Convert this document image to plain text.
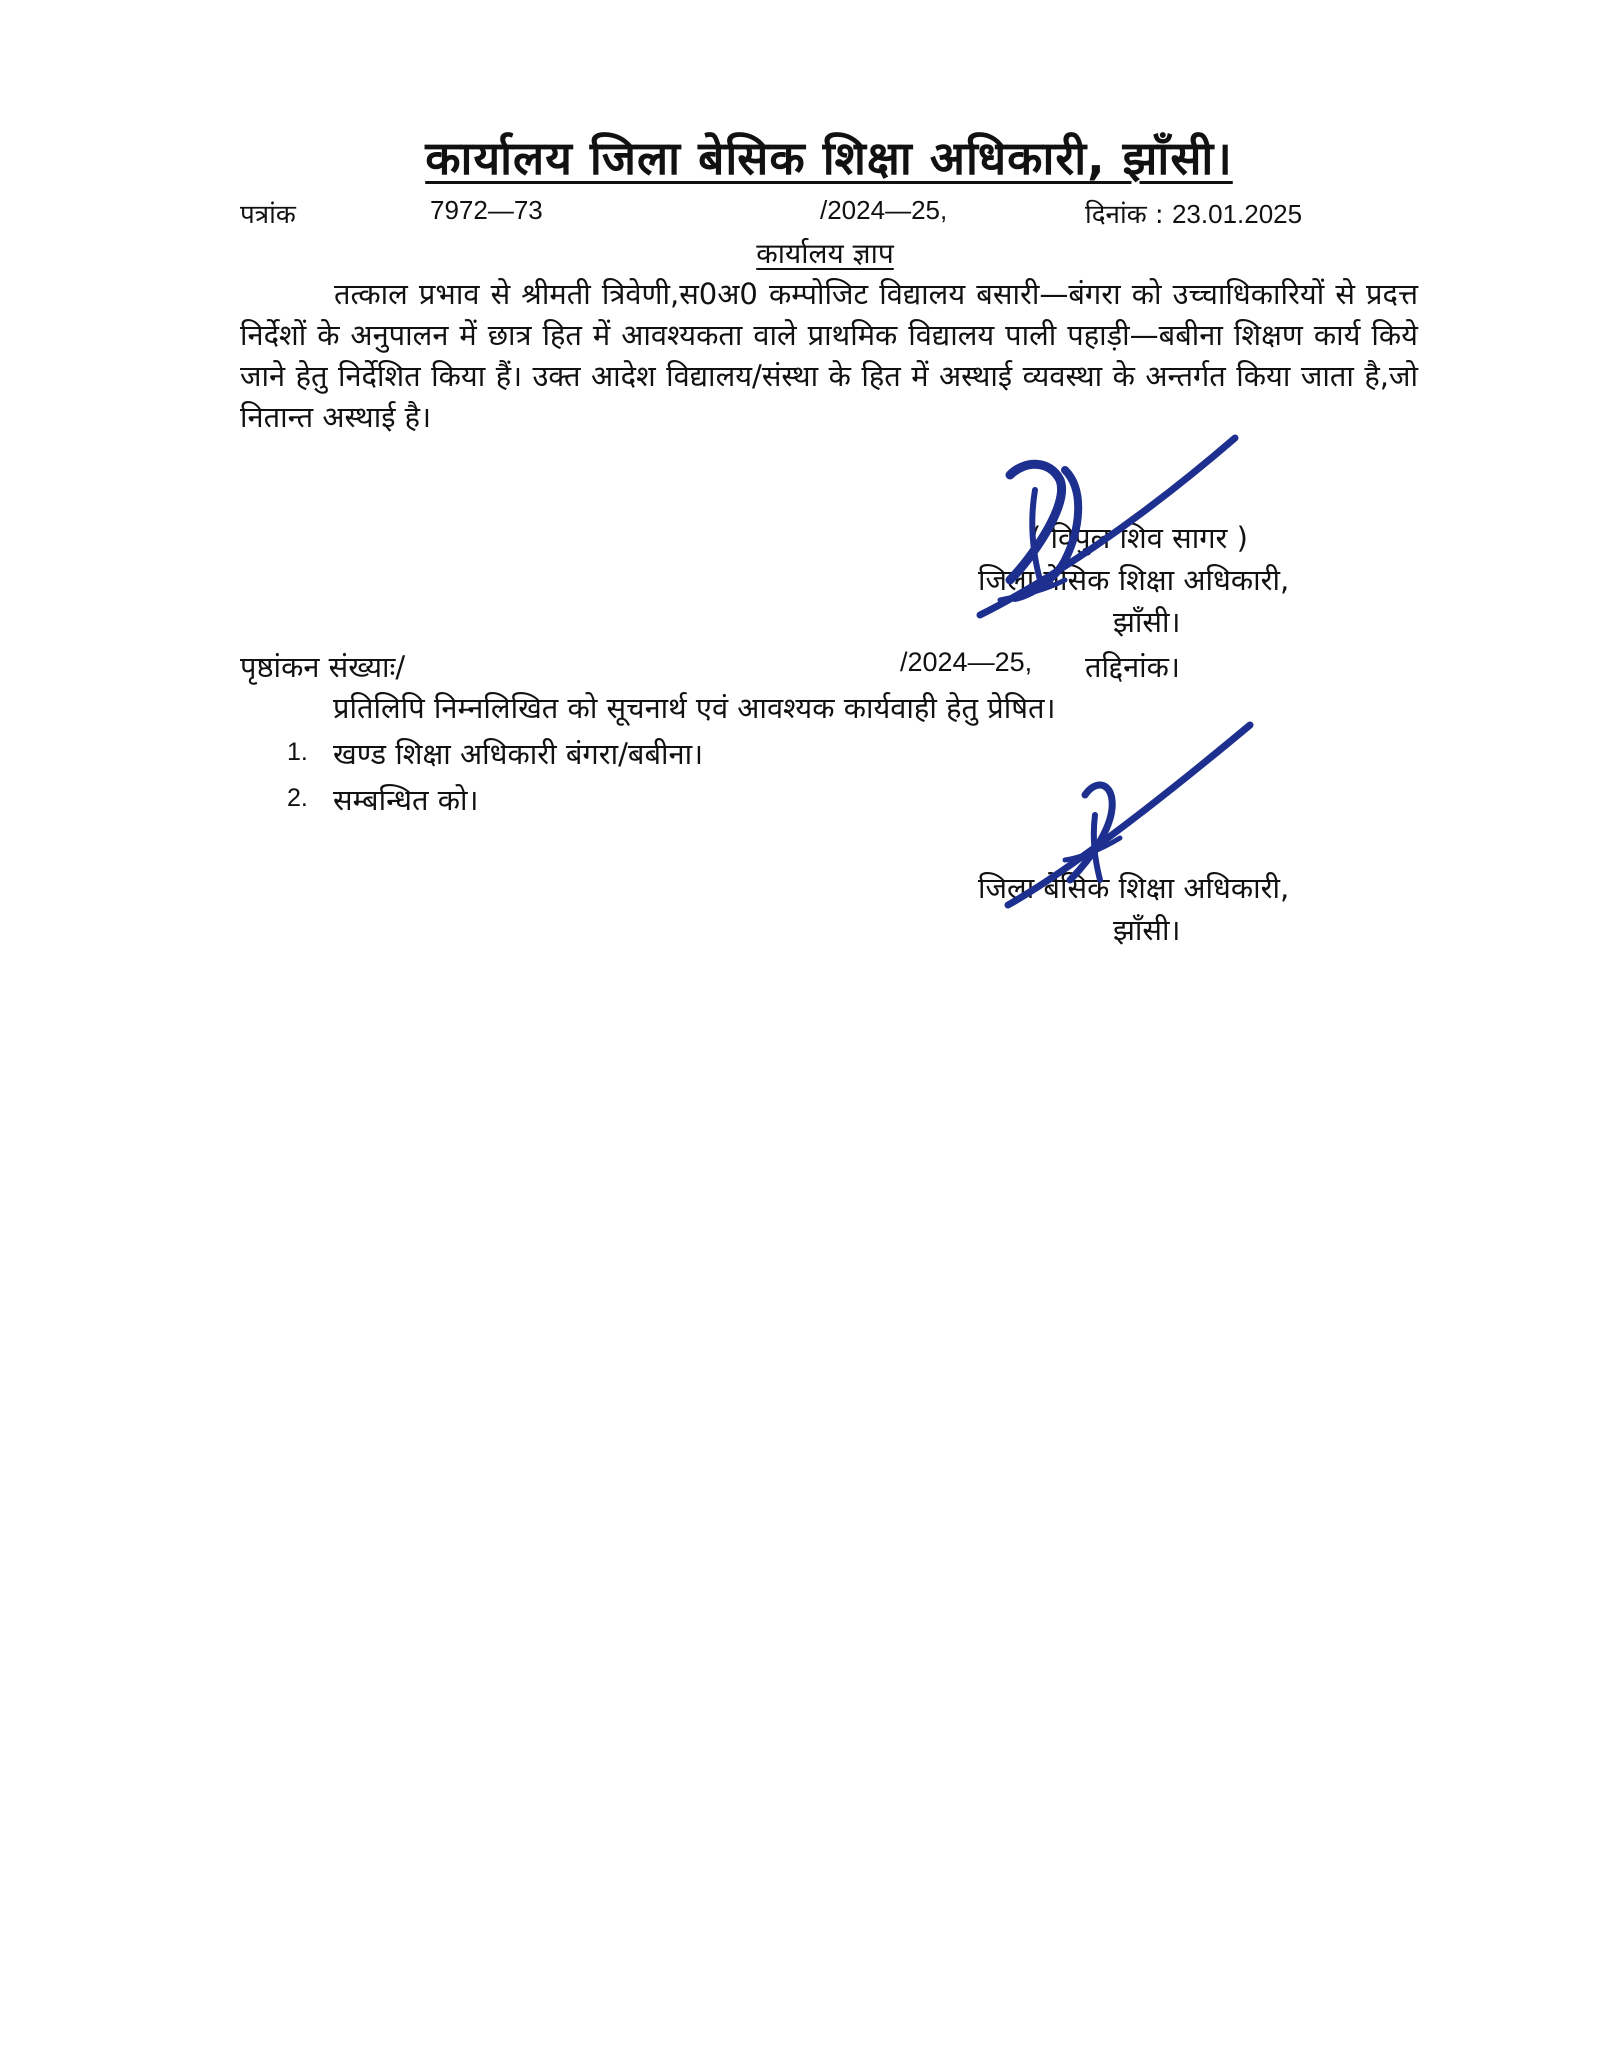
कार्यालय जिला बेसिक शिक्षा अधिकारी, झाँसी।
पत्रांक	7972—73	/2024—25,	दिनांक : 23.01.2025
कार्यालय ज्ञाप
तत्काल प्रभाव से श्रीमती त्रिवेणी,स0अ0 कम्पोजिट विद्यालय बसारी—बंगरा को उच्चाधिकारियों से प्रदत्त निर्देशों के अनुपालन में छात्र हित में आवश्यकता वाले प्राथमिक विद्यालय पाली पहाड़ी—बबीना शिक्षण कार्य किये जाने हेतु निर्देशित किया हैं। उक्त आदेश विद्यालय/संस्था के हित में अस्थाई व्यवस्था के अन्तर्गत किया जाता है,जो नितान्त अस्थाई है।
( विपुल शिव सागर )
जिला बेसिक शिक्षा अधिकारी,
झाँसी।
पृष्ठांकन संख्याः/	/2024—25, तद्दिनांक।
प्रतिलिपि निम्नलिखित को सूचनार्थ एवं आवश्यक कार्यवाही हेतु प्रेषित।
1. खण्ड शिक्षा अधिकारी बंगरा/बबीना।
2. सम्बन्धित को।
जिला बेसिक शिक्षा अधिकारी,
झाँसी।
